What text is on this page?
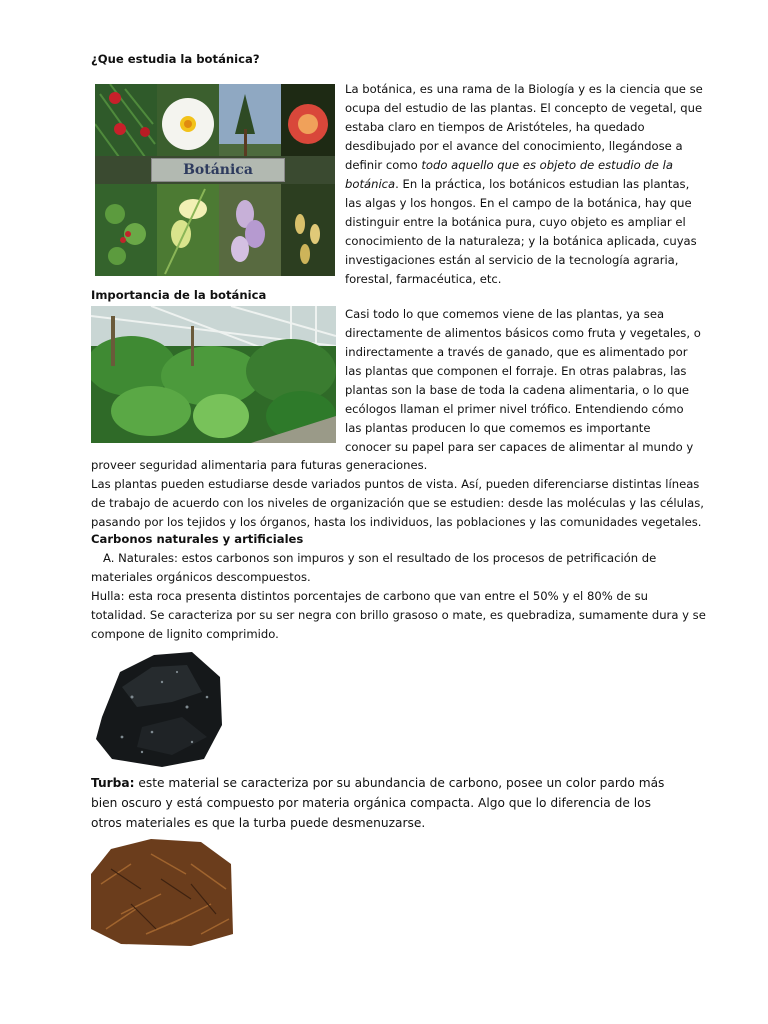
¿Que estudia la botánica?
Botánica
La botánica, es una rama de la Biología y es la ciencia que se
ocupa del estudio de las plantas. El concepto de vegetal, que
estaba claro en tiempos de Aristóteles, ha quedado
desdibujado por el avance del conocimiento, llegándose a
definir como todo aquello que es objeto de estudio de la
botánica. En la práctica, los botánicos estudian las plantas,
las algas y los hongos. En el campo de la botánica, hay que
distinguir entre la botánica pura, cuyo objeto es ampliar el
conocimiento de la naturaleza; y la botánica aplicada, cuyas
investigaciones están al servicio de la tecnología agraria,
forestal, farmacéutica, etc.
Importancia de la botánica
Casi todo lo que comemos viene de las plantas, ya sea
directamente de alimentos básicos como fruta y vegetales, o
indirectamente a través de ganado, que es alimentado por
las plantas que componen el forraje. En otras palabras, las
plantas son la base de toda la cadena alimentaria, o lo que
ecólogos llaman el primer nivel trófico. Entendiendo cómo
las plantas producen lo que comemos es importante
conocer su papel para ser capaces de alimentar al mundo y
proveer seguridad alimentaria para futuras generaciones.
Las plantas pueden estudiarse desde variados puntos de vista. Así, pueden diferenciarse distintas líneas
de trabajo de acuerdo con los niveles de organización que se estudien: desde las moléculas y las células,
pasando por los tejidos y los órganos, hasta los individuos, las poblaciones y las comunidades vegetales.
Carbonos naturales y artificiales
A. Naturales: estos carbonos son impuros y son el resultado de los procesos de petrificación de
materiales orgánicos descompuestos.
Hulla: esta roca presenta distintos porcentajes de carbono que van entre el 50% y el 80% de su
totalidad. Se caracteriza por su ser negra con brillo grasoso o mate, es quebradiza, sumamente dura y se
compone de lignito comprimido.
Turba: este material se caracteriza por su abundancia de carbono, posee un color pardo más
bien oscuro y está compuesto por materia orgánica compacta. Algo que lo diferencia de los
otros materiales es que la turba puede desmenuzarse.
